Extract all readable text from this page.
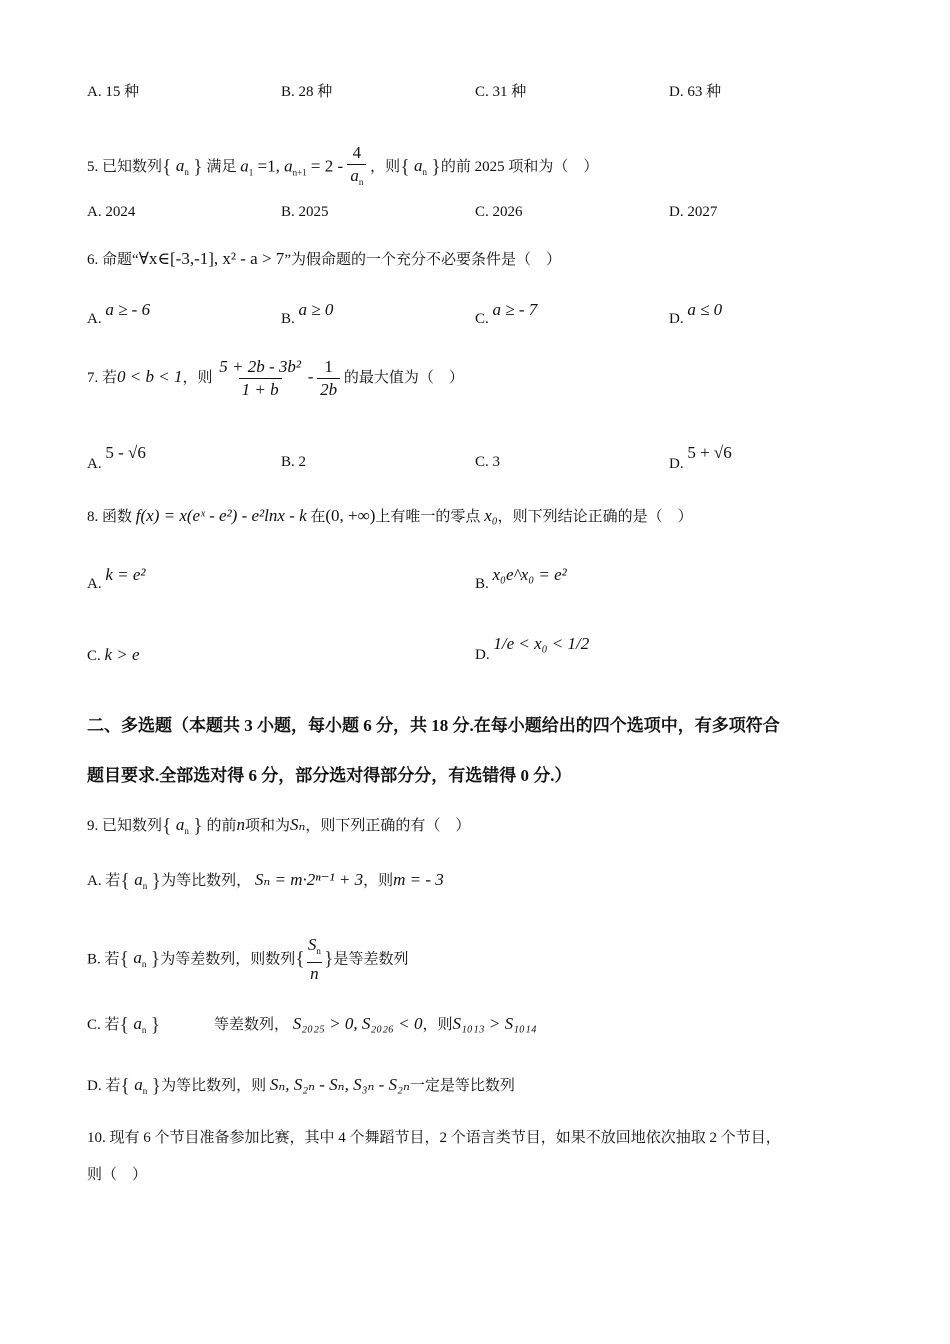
A. 15 种	B. 28 种	C. 31 种	D. 63 种
5. 已知数列{ $a_n$ } 满足 $a_1 =1$, $a_{n+1} = 2 - \frac{4}{a_n}$ ，则{ $a_n$ }的前 2025 项和为（　）
A. 2024	B. 2025	C. 2026	D. 2027
6. 命题“∀x∈[-3,-1], x² - a > 7”为假命题的一个充分不必要条件是（　）
A. a ≥ - 6	B. a ≥ 0	C. a ≥ - 7	D. a ≤ 0
7. 若0 < b < 1，则 $\frac{\text{5 + 2b - 3b²}}{1 + b} - \frac{1}{2b}$ 的最大值为（　）
A. 5 - √6	B. 2	C. 3	D. 5 + √6
8. 函数 f(x) = x(eˣ - e²) - e²lnx - k 在(0, +∞)上有唯一的零点 x₀，则下列结论正确的是（　）
A. k = e²	B. x₀e^x₀ = e²
C. k > e	D. 1/e < x₀ < 1/2
二、多选题（本题共 3 小题，每小题 6 分，共 18 分.在每小题给出的四个选项中，有多项符合
题目要求.全部选对得 6 分，部分选对得部分分，有选错得 0 分.）
9. 已知数列{ $a_n$ } 的前n项和为Sₙ，则下列正确的有（　）
A. 若{ $a_n$ }为等比数列， Sₙ = m·2ⁿ⁻¹ + 3，则m = - 3
B. 若{ $a_n$ }为等差数列，则数列{ $\frac{S_n}{n}$ }是等差数列
C. 若{ $a_n$ }	等差数列， S₂₀₂₅ > 0, S₂₀₂₆ < 0，则S₁₀₁₃ > S₁₀₁₄
D. 若{ $a_n$ }为等比数列，则 Sₙ, S₂ₙ - Sₙ, S₃ₙ - S₂ₙ一定是等比数列
10. 现有 6 个节目准备参加比赛，其中 4 个舞蹈节目，2 个语言类节目，如果不放回地依次抽取 2 个节目，
则（　）
